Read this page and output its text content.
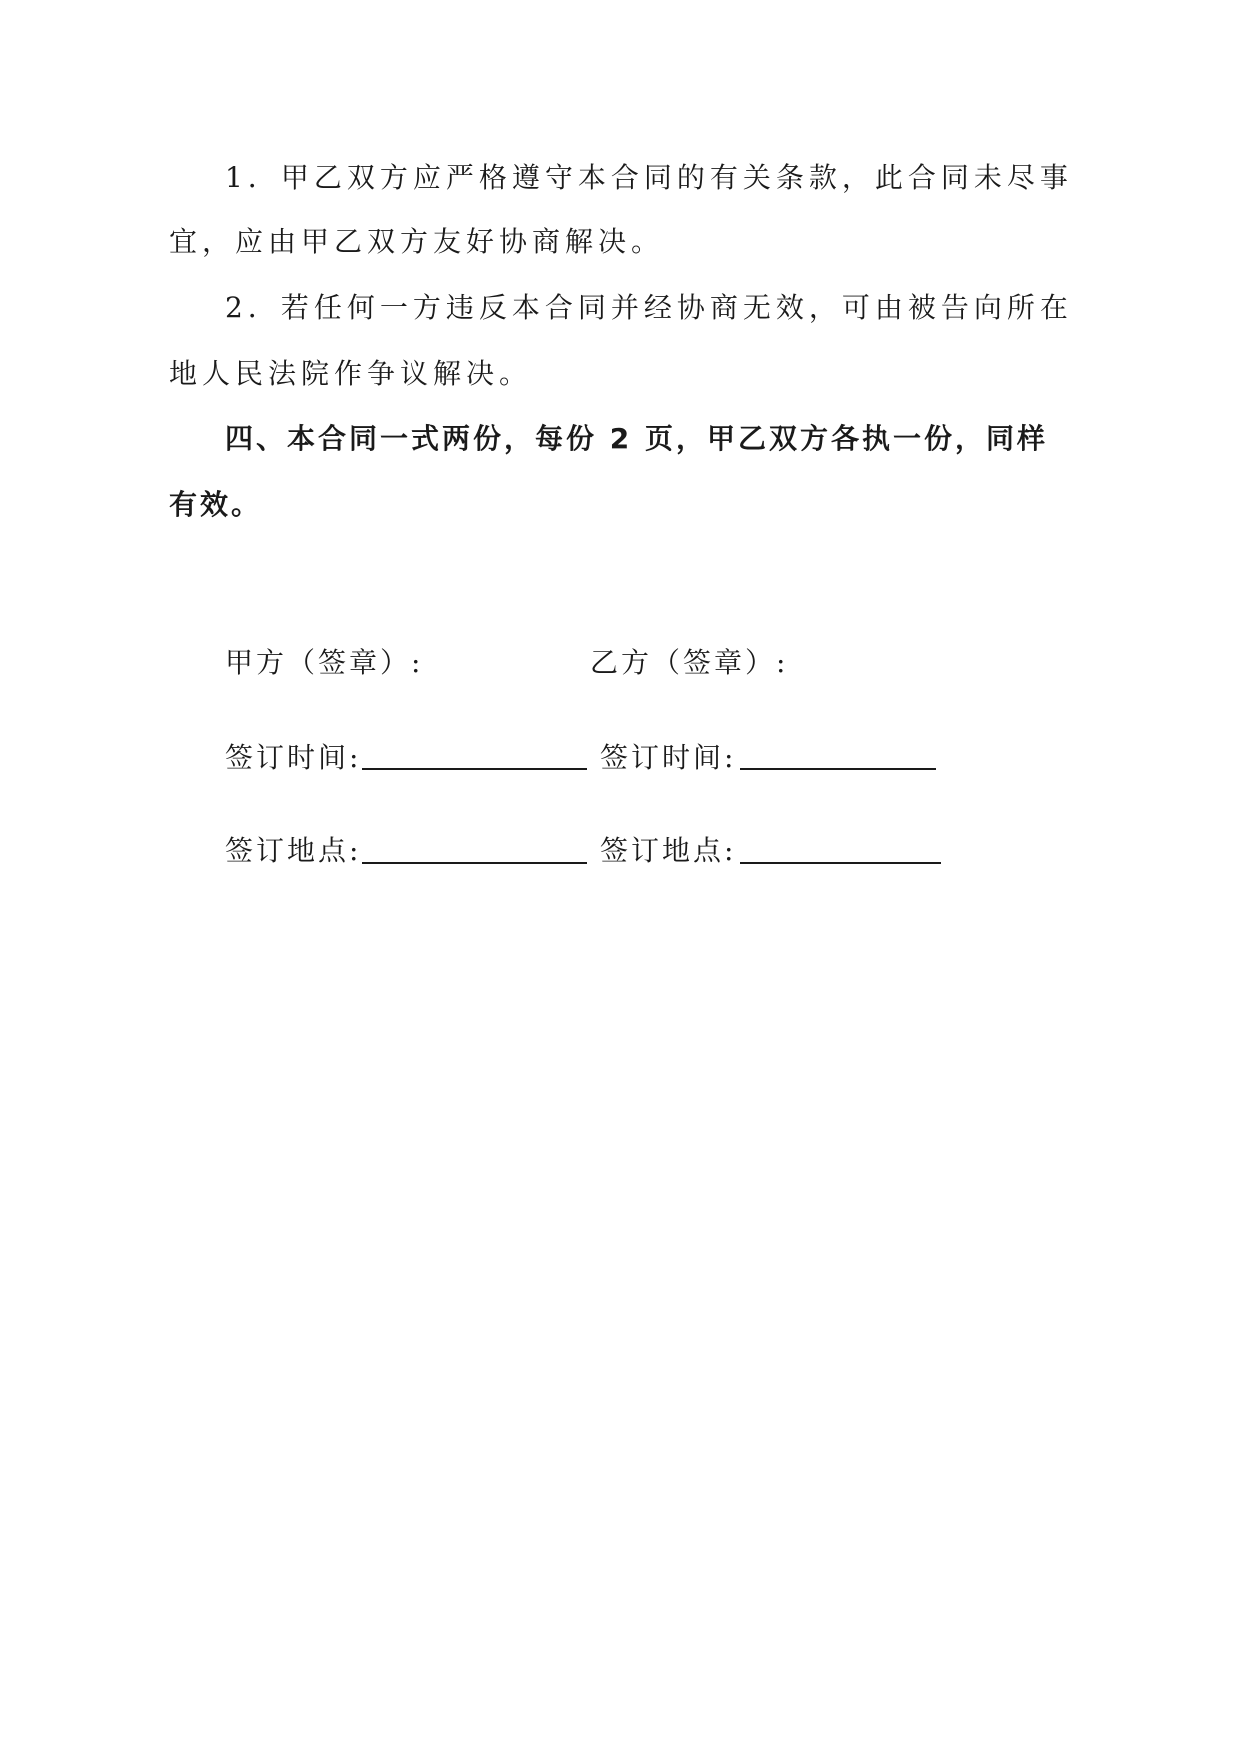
1．甲乙双方应严格遵守本合同的有关条款，此合同未尽事
宜，应由甲乙双方友好协商解决。
2．若任何一方违反本合同并经协商无效，可由被告向所在
地人民法院作争议解决。
四、本合同一式两份，每份 2 页，甲乙双方各执一份，同样
有效。
甲方（签章）:	乙方（签章）:
签订时间:	签订时间:
签订地点:	签订地点:
